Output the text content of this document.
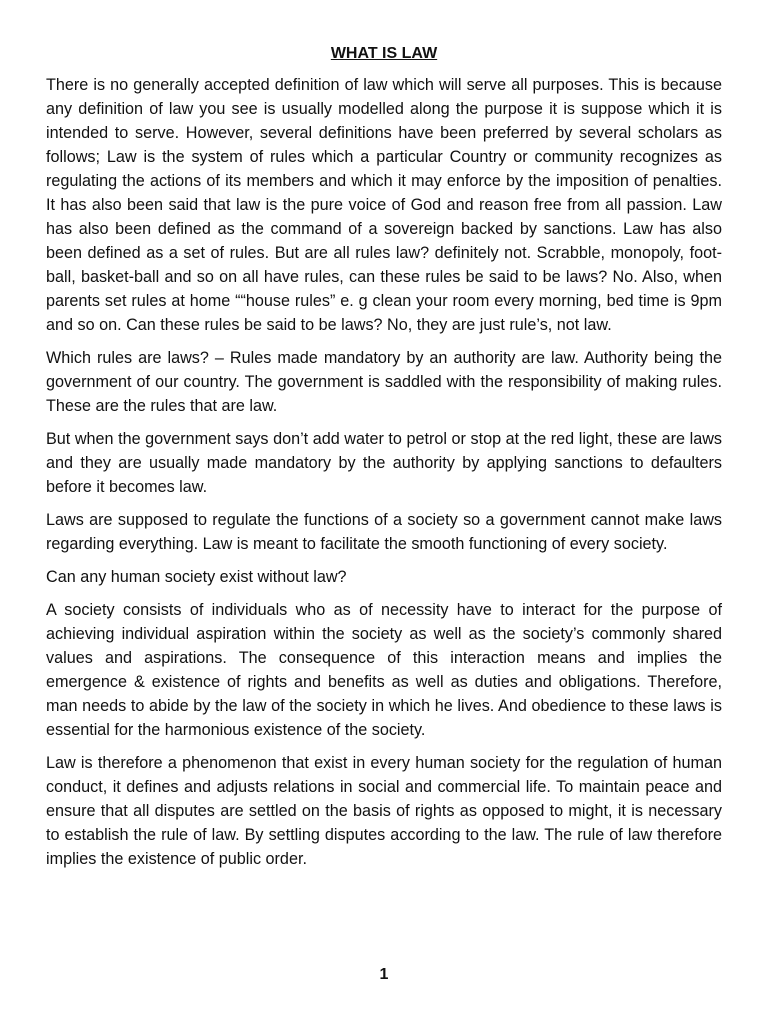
WHAT IS LAW

There is no generally accepted definition of law which will serve all purposes. This is because any definition of law you see is usually modelled along the purpose it is suppose which it is intended to serve. However, several definitions have been preferred by several scholars as follows; Law is the system of rules which a particular Country or community recognizes as regulating the actions of its members and which it may enforce by the imposition of penalties. It has also been said that law is the pure voice of God and reason free from all passion. Law has also been defined as the command of a sovereign backed by sanctions. Law has also been defined as a set of rules. But are all rules law? definitely not. Scrabble, monopoly, foot-ball, basket-ball and so on all have rules, can these rules be said to be laws? No. Also, when parents set rules at home ““house rules” e. g clean your room every morning, bed time is 9pm and so on. Can these rules be said to be laws? No, they are just rule’s, not law.

Which rules are laws? – Rules made mandatory by an authority are law. Authority being the government of our country. The government is saddled with the responsibility of making rules. These are the rules that are law.

But when the government says don’t add water to petrol or stop at the red light, these are laws and they are usually made mandatory by the authority by applying sanctions to defaulters before it becomes law.

Laws are supposed to regulate the functions of a society so a government cannot make laws regarding everything. Law is meant to facilitate the smooth functioning of every society.

Can any human society exist without law?

A society consists of individuals who as of necessity have to interact for the purpose of achieving individual aspiration within the society as well as the society’s commonly shared values and aspirations. The consequence of this interaction means and implies the emergence & existence of rights and benefits as well as duties and obligations. Therefore, man needs to abide by the law of the society in which he lives. And obedience to these laws is essential for the harmonious existence of the society.

Law is therefore a phenomenon that exist in every human society for the regulation of human conduct, it defines and adjusts relations in social and commercial life. To maintain peace and ensure that all disputes are settled on the basis of rights as opposed to might, it is necessary to establish the rule of law. By settling disputes according to the law. The rule of law therefore implies the existence of public order.

1
